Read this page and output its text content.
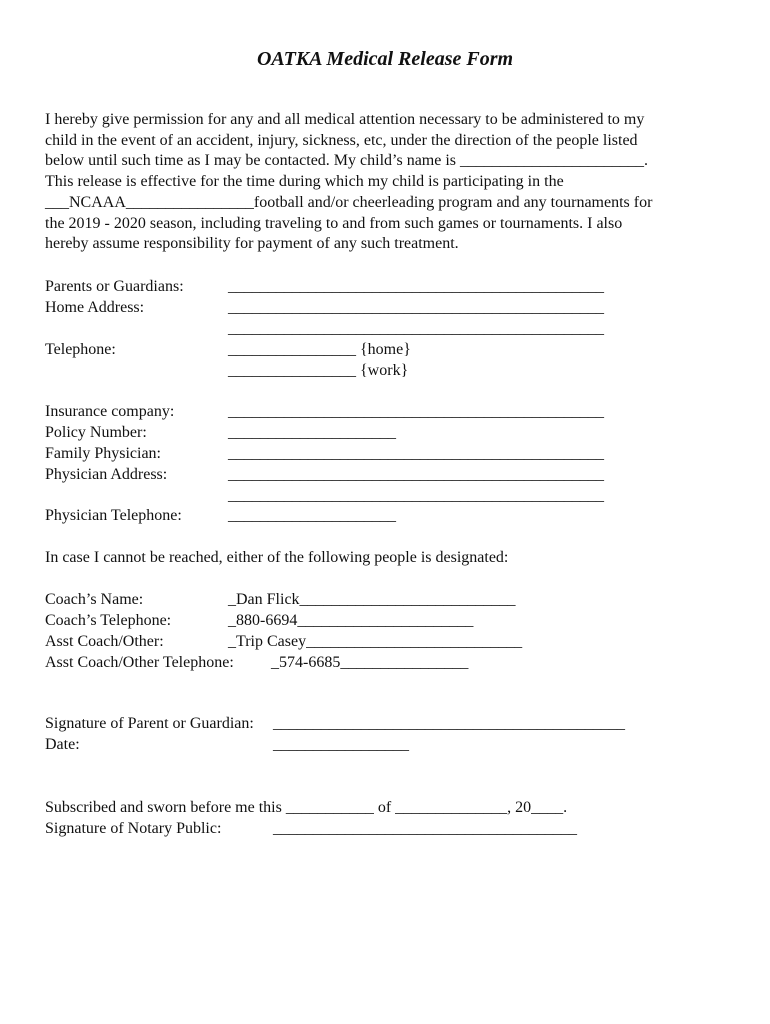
OATKA Medical Release Form
I hereby give permission for any and all medical attention necessary to be administered to my
child in the event of an accident, injury, sickness, etc, under the direction of the people listed
below until such time as I may be contacted. My child’s name is _______________________.
This release is effective for the time during which my child is participating in the
___NCAAA________________football and/or cheerleading program and any tournaments for
the 2019 - 2020 season, including traveling to and from such games or tournaments. I also
hereby assume responsibility for payment of any such treatment.
Parents or Guardians:	_______________________________________________
Home Address:	_______________________________________________
_______________________________________________
Telephone:	________________ {home}
________________ {work}
Insurance company:	_______________________________________________
Policy Number:	_____________________
Family Physician:	_______________________________________________
Physician Address:	_______________________________________________
_______________________________________________
Physician Telephone:	_____________________
In case I cannot be reached, either of the following people is designated:
Coach’s Name:	_Dan Flick___________________________
Coach’s Telephone:	_880-6694______________________
Asst Coach/Other:	_Trip Casey___________________________
Asst Coach/Other Telephone: _574-6685________________
Signature of Parent or Guardian: ____________________________________________
Date:	_________________
Subscribed and sworn before me this ___________ of ______________, 20____.
Signature of Notary Public:	______________________________________
